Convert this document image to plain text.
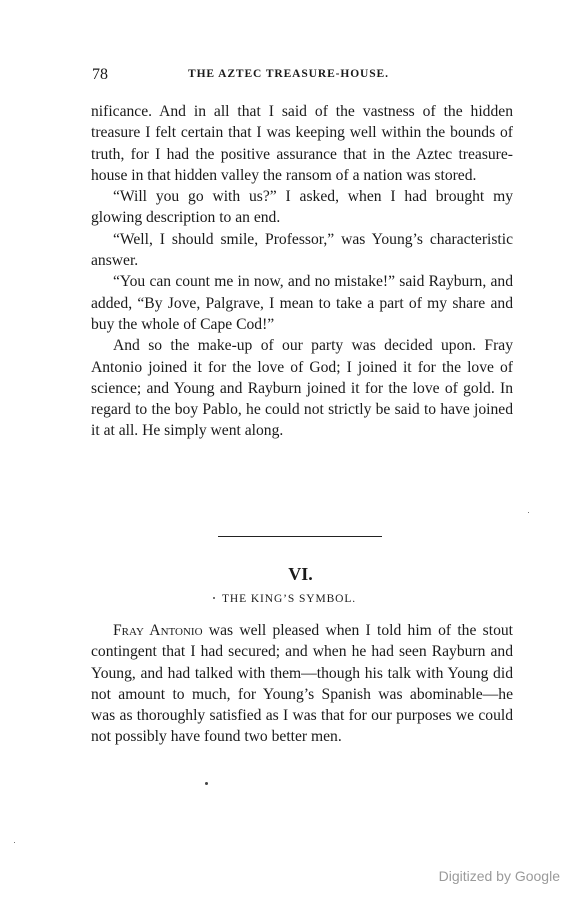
78	THE AZTEC TREASURE-HOUSE.

nificance. And in all that I said of the vastness of the hidden treasure I felt certain that I was keeping well within the bounds of truth, for I had the positive assurance that in the Aztec treasure-house in that hidden valley the ransom of a nation was stored.

“Will you go with us?” I asked, when I had brought my glowing description to an end.

“Well, I should smile, Professor,” was Young’s characteristic answer.

“You can count me in now, and no mistake!” said Rayburn, and added, “By Jove, Palgrave, I mean to take a part of my share and buy the whole of Cape Cod!”

And so the make-up of our party was decided upon. Fray Antonio joined it for the love of God; I joined it for the love of science; and Young and Rayburn joined it for the love of gold. In regard to the boy Pablo, he could not strictly be said to have joined it at all. He simply went along.

VI.
THE KING’S SYMBOL.

Fray Antonio was well pleased when I told him of the stout contingent that I had secured; and when he had seen Rayburn and Young, and had talked with them—though his talk with Young did not amount to much, for Young’s Spanish was abominable—he was as thoroughly satisfied as I was that for our purposes we could not possibly have found two better men.

Digitized by Google
